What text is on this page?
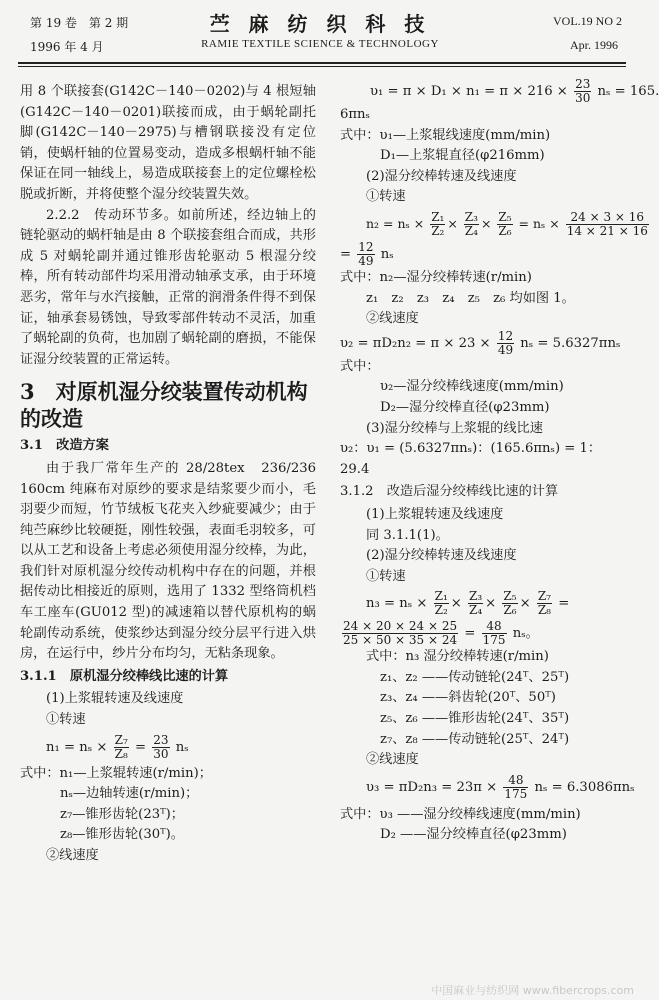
第 19 卷　第 2 期
1996 年 4 月
苎 麻 纺 织 科 技
RAMIE TEXTILE SCIENCE & TECHNOLOGY
VOL.19 NO 2
Apr. 1996

用 8 个联接套(G142C－140－0202)与 4 根短轴(G142C－140－0201)联接而成，由于蜗轮副托脚(G142C－140－2975)与槽钢联接没有定位销，使蜗杆轴的位置易变动，造成多根蜗杆轴不能保证在同一轴线上，易造成联接套上的定位螺栓松脱或折断，并将使整个湿分绞装置失效。

2.2.2　传动环节多。如前所述，经边轴上的链轮驱动的蜗杆轴是由 8 个联接套组合而成，共形成 5 对蜗轮副并通过锥形齿轮驱动 5 根湿分绞棒，所有转动部件均采用滑动轴承支承，由于环境恶劣，常年与水汽接触，正常的润滑条件得不到保证，轴承套易锈蚀，导致零部件转动不灵活，加重了蜗轮副的负荷，也加剧了蜗轮副的磨损，不能保证湿分绞装置的正常运转。

3　对原机湿分绞装置传动机构的改造
3.1　改造方案

由于我厂常年生产的 28/28tex　236/236 160cm 纯麻布对原纱的要求是结浆要少而小，毛羽要少而短，竹节绒板飞花夹入纱疵要减少；由于纯苎麻纱比较硬挺，刚性较强，表面毛羽较多，可以从工艺和设备上考虑必须使用湿分绞棒，为此，我们针对原机湿分绞传动机构中存在的问题，并根据传动比相接近的原则，选用了 1332 型络筒机档车工座车(GU012 型)的减速箱以替代原机构的蜗轮副传动系统，使浆纱达到湿分绞分层平行进入烘房，在运行中，纱片分布均匀，无粘条现象。

3.1.1　原机湿分绞棒线比速的计算
(1)上浆辊转速及线速度
①转速
$n_1 = n_s \times \frac{\text{Z₇}}{\text{Z₈}} = \frac{23}{30}$ nₛ
式中：n₁—上浆辊转速(r/min)；
nₛ—边轴转速(r/min)；
z₇—锥形齿轮(23ᵀ)；
z₈—锥形齿轮(30ᵀ)。
②线速度
$\upsilon_1 = \pi \times D_1 \times n_1 = \pi \times 216 \times \frac{23}{30}$ nₛ = 165.
6πnₛ
式中：υ₁—上浆辊线速度(mm/min)
D₁—上浆辊直径(φ216mm)
(2)湿分绞棒转速及线速度
①转速
$n_2 = n_s \times \frac{\text{Z₁}}{\text{Z₂}} \times \frac{\text{Z₃}}{\text{Z₄}} \times \frac{\text{Z₅}}{\text{Z₆}} = n_s \times \frac{24 \times 3 \times 16}{14 \times 21 \times 16}$
= $\frac{12}{49}$ nₛ
式中：n₂—湿分绞棒转速(r/min)
z₁　z₂　z₃　z₄　z₅　z₆ 均如图 1。
②线速度
$\upsilon_2 = \pi D_2n_2 = \pi \times 23 \times \frac{12}{49}$ nₛ = 5.6327πnₛ
式中：
υ₂—湿分绞棒线速度(mm/min)
D₂—湿分绞棒直径(φ23mm)
(3)湿分绞棒与上浆辊的线比速
υ₂：υ₁ = (5.6327πnₛ)：(165.6πnₛ) = 1：
29.4
3.1.2　改造后湿分绞棒线比速的计算
(1)上浆辊转速及线速度
同 3.1.1(1)。
(2)湿分绞棒转速及线速度
①转速
$n_3 = n_s \times \frac{\text{Z₁}}{\text{Z₂}} \times \frac{\text{Z₃}}{\text{Z₄}} \times \frac{\text{Z₅}}{\text{Z₆}} \times \frac{\text{Z₇}}{\text{Z₈}}$ =
$\frac{24 \times 20 \times 24 \times 25}{25 \times 50 \times 35 \times 24} = \frac{48}{175}$ nₛ。
式中：n₃ 湿分绞棒转速(r/min)
z₁、z₂ ——传动链轮(24ᵀ、25ᵀ)
z₃、z₄ ——斜齿轮(20ᵀ、50ᵀ)
z₅、z₆ ——锥形齿轮(24ᵀ、35ᵀ)
z₇、z₈ ——传动链轮(25ᵀ、24ᵀ)
②线速度
$\upsilon_3 = \pi D_2n_3 = 23\pi \times \frac{48}{175}$ nₛ = 6.3086πnₛ
式中：υ₃ ——湿分绞棒线速度(mm/min)
D₂ ——湿分绞棒直径(φ23mm)
中国麻业与纺织网 www.fibercrops.com
